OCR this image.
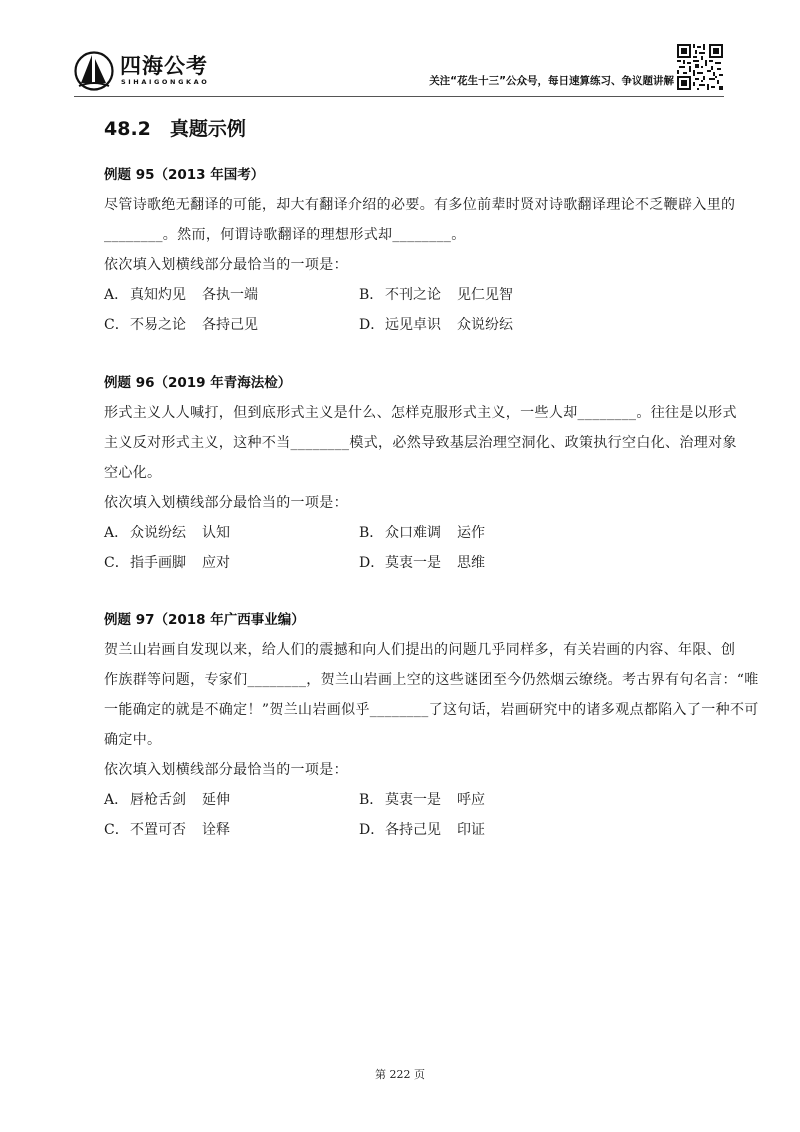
四海公考
SIHAIGONGKAO	关注“花生十三”公众号，每日速算练习、争议题讲解
48.2　真题示例
例题 95（2013 年国考）
尽管诗歌绝无翻译的可能，却大有翻译介绍的必要。有多位前辈时贤对诗歌翻译理论不乏鞭辟入里的
________。然而，何谓诗歌翻译的理想形式却________。
依次填入划横线部分最恰当的一项是：
A． 真知灼见 各执一端	B． 不刊之论 见仁见智
C．不易之论 各持己见	D．远见卓识 众说纷纭
例题 96（2019 年青海法检）
形式主义人人喊打，但到底形式主义是什么、怎样克服形式主义，一些人却________。往往是以形式
主义反对形式主义，这种不当________模式，必然导致基层治理空洞化、政策执行空白化、治理对象
空心化。
依次填入划横线部分最恰当的一项是：
A． 众说纷纭 认知	B． 众口难调 运作
C．指手画脚 应对	D．莫衷一是 思维
例题 97（2018 年广西事业编）
贺兰山岩画自发现以来，给人们的震撼和向人们提出的问题几乎同样多，有关岩画的内容、年限、创
作族群等问题，专家们________，贺兰山岩画上空的这些谜团至今仍然烟云缭绕。考古界有句名言：“唯
一能确定的就是不确定！”贺兰山岩画似乎________了这句话，岩画研究中的诸多观点都陷入了一种不可
确定中。
依次填入划横线部分最恰当的一项是：
A． 唇枪舌剑 延伸	B． 莫衷一是 呼应
C．不置可否 诠释	D．各持己见 印证
第 222 页
